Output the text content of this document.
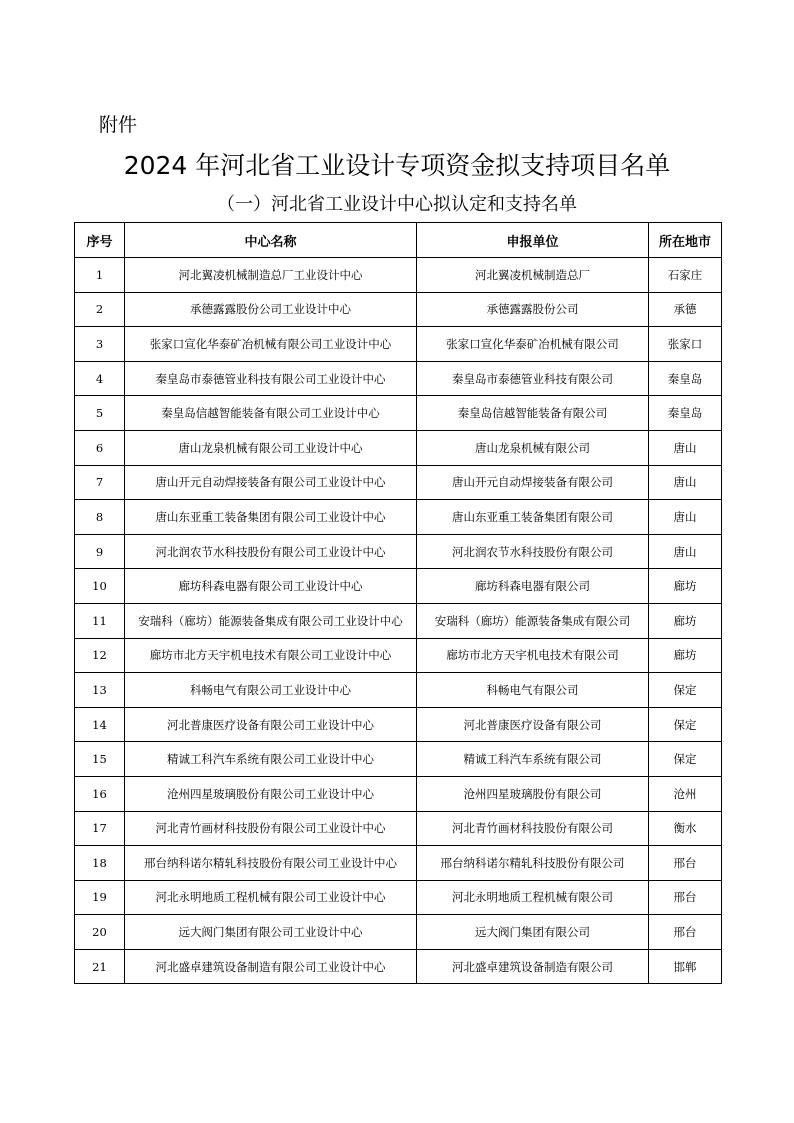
附件
2024 年河北省工业设计专项资金拟支持项目名单
（一）河北省工业设计中心拟认定和支持名单
序号	中心名称	申报单位	所在地市
1	河北翼凌机械制造总厂工业设计中心	河北翼凌机械制造总厂	石家庄
2	承德露露股份公司工业设计中心	承德露露股份公司	承德
3	张家口宣化华泰矿冶机械有限公司工业设计中心	张家口宣化华泰矿冶机械有限公司	张家口
4	秦皇岛市泰德管业科技有限公司工业设计中心	秦皇岛市泰德管业科技有限公司	秦皇岛
5	秦皇岛信越智能装备有限公司工业设计中心	秦皇岛信越智能装备有限公司	秦皇岛
6	唐山龙泉机械有限公司工业设计中心	唐山龙泉机械有限公司	唐山
7	唐山开元自动焊接装备有限公司工业设计中心	唐山开元自动焊接装备有限公司	唐山
8	唐山东亚重工装备集团有限公司工业设计中心	唐山东亚重工装备集团有限公司	唐山
9	河北润农节水科技股份有限公司工业设计中心	河北润农节水科技股份有限公司	唐山
10	廊坊科森电器有限公司工业设计中心	廊坊科森电器有限公司	廊坊
11	安瑞科（廊坊）能源装备集成有限公司工业设计中心	安瑞科（廊坊）能源装备集成有限公司	廊坊
12	廊坊市北方天宇机电技术有限公司工业设计中心	廊坊市北方天宇机电技术有限公司	廊坊
13	科畅电气有限公司工业设计中心	科畅电气有限公司	保定
14	河北普康医疗设备有限公司工业设计中心	河北普康医疗设备有限公司	保定
15	精诚工科汽车系统有限公司工业设计中心	精诚工科汽车系统有限公司	保定
16	沧州四星玻璃股份有限公司工业设计中心	沧州四星玻璃股份有限公司	沧州
17	河北青竹画材科技股份有限公司工业设计中心	河北青竹画材科技股份有限公司	衡水
18	邢台纳科诺尔精轧科技股份有限公司工业设计中心	邢台纳科诺尔精轧科技股份有限公司	邢台
19	河北永明地质工程机械有限公司工业设计中心	河北永明地质工程机械有限公司	邢台
20	远大阀门集团有限公司工业设计中心	远大阀门集团有限公司	邢台
21	河北盛卓建筑设备制造有限公司工业设计中心	河北盛卓建筑设备制造有限公司	邯郸
